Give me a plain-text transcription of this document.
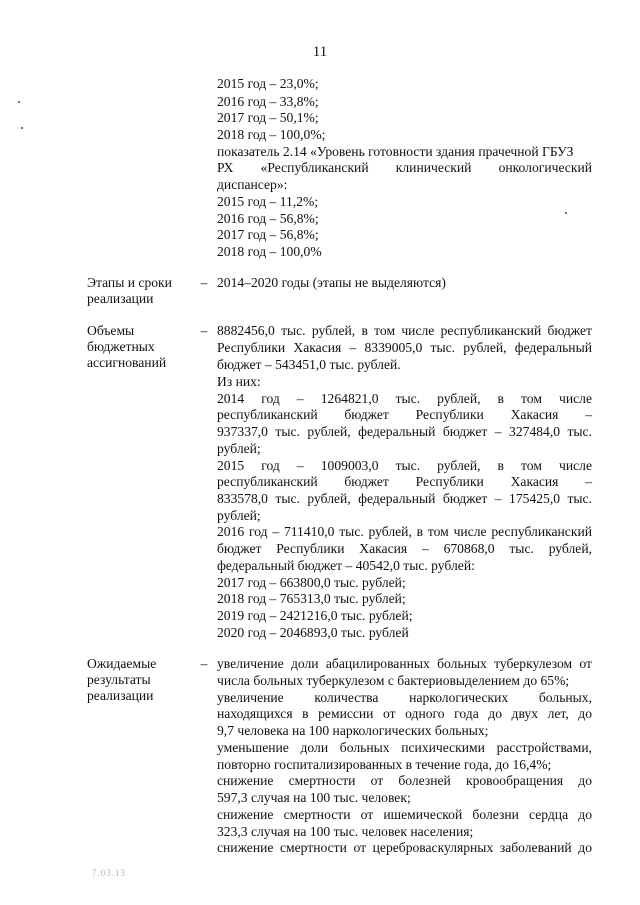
11
2015 год – 23,0%;
2016 год – 33,8%;
2017 год – 50,1%;
2018 год – 100,0%;
показатель 2.14 «Уровень готовности здания прачечной ГБУЗ
РХ «Республиканский клинический онкологический
диспансер»:
2015 год – 11,2%;
2016 год – 56,8%;
2017 год – 56,8%;
2018 год – 100,0%
Этапы и сроки
реализации
– 2014–2020 годы (этапы не выделяются)
Объемы
бюджетных
ассигнований
– 8882456,0 тыс. рублей, в том числе республиканский бюджет
Республики Хакасия – 8339005,0 тыс. рублей, федеральный
бюджет – 543451,0 тыс. рублей.
Из них:
2014 год – 1264821,0 тыс. рублей, в том числе
республиканский бюджет Республики Хакасия –
937337,0 тыс. рублей, федеральный бюджет – 327484,0 тыс.
рублей;
2015 год – 1009003,0 тыс. рублей, в том числе
республиканский бюджет Республики Хакасия –
833578,0 тыс. рублей, федеральный бюджет – 175425,0 тыс.
рублей;
2016 год – 711410,0 тыс. рублей, в том числе республиканский
бюджет Республики Хакасия – 670868,0 тыс. рублей,
федеральный бюджет – 40542,0 тыс. рублей:
2017 год – 663800,0 тыс. рублей;
2018 год – 765313,0 тыс. рублей;
2019 год – 2421216,0 тыс. рублей;
2020 год – 2046893,0 тыс. рублей
Ожидаемые
результаты
реализации
– увеличение доли абацилированных больных туберкулезом от
числа больных туберкулезом с бактериовыделением до 65%;
увеличение количества наркологических больных,
находящихся в ремиссии от одного года до двух лет, до
9,7 человека на 100 наркологических больных;
уменьшение доли больных психическими расстройствами,
повторно госпитализированных в течение года, до 16,4%;
снижение смертности от болезней кровообращения до
597,3 случая на 100 тыс. человек;
снижение смертности от ишемической болезни сердца до
323,3 случая на 100 тыс. человек населения;
снижение смертности от цереброваскулярных заболеваний до
7.03.13
